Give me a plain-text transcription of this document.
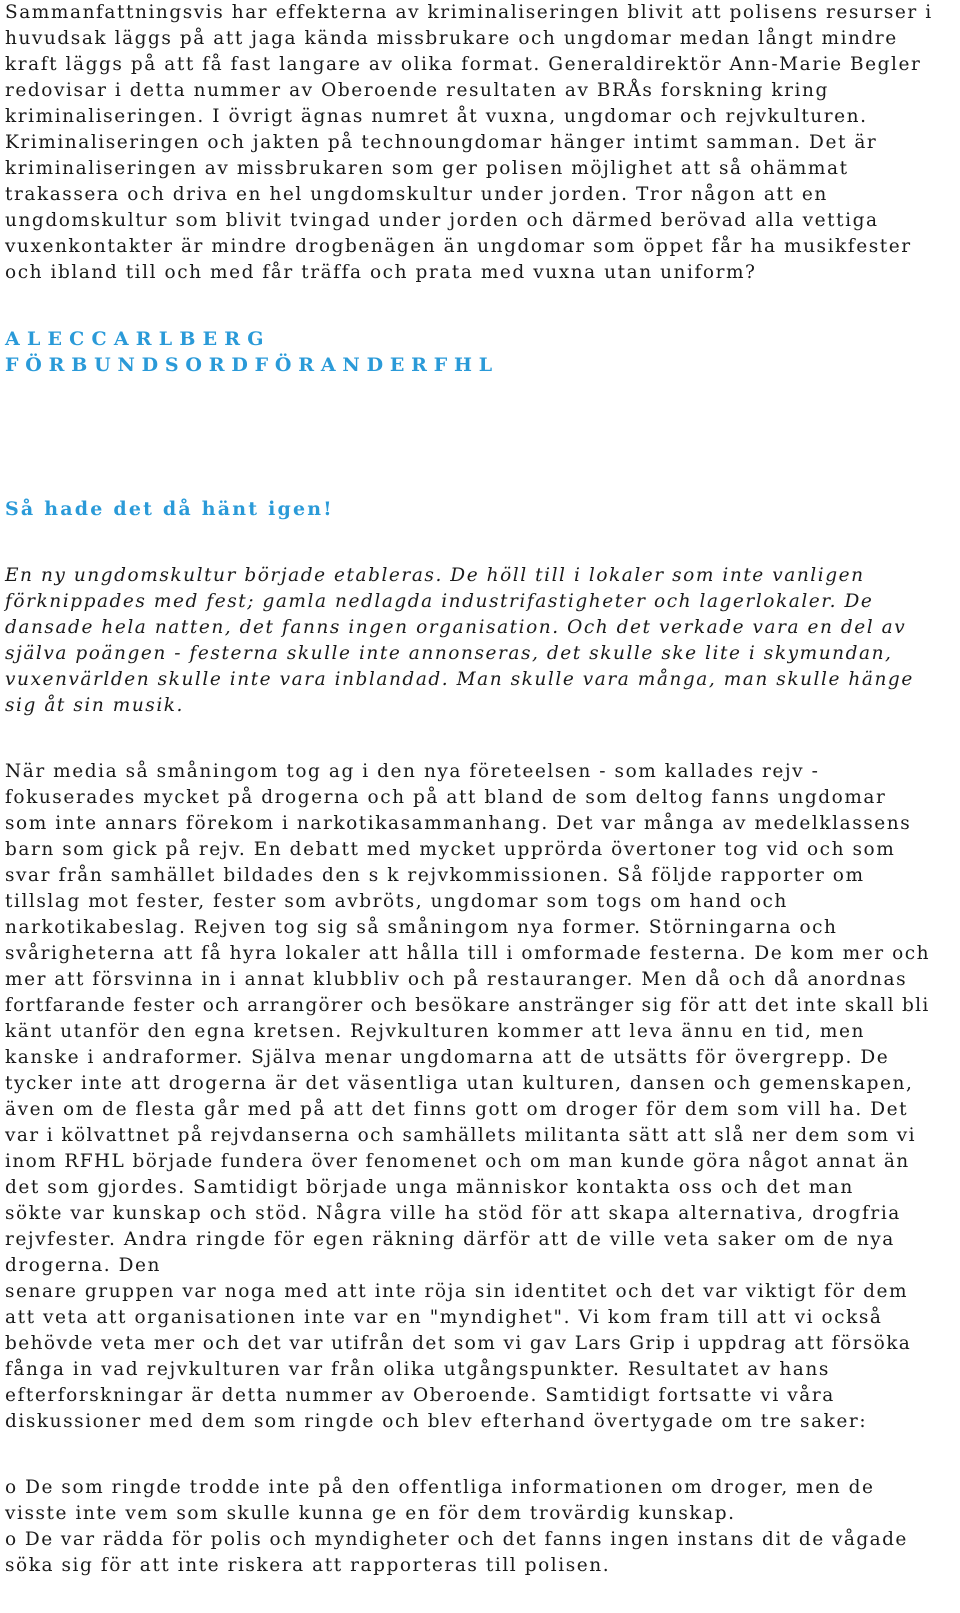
Sammanfattningsvis har effekterna av kriminaliseringen blivit att polisens resurser i
huvudsak läggs på att jaga kända missbrukare och ungdomar medan långt mindre
kraft läggs på att få fast langare av olika format. Generaldirektör Ann-Marie Begler
redovisar i detta nummer av Oberoende resultaten av BRÅs forskning kring
kriminaliseringen. I övrigt ägnas numret åt vuxna, ungdomar och rejvkulturen.
Kriminaliseringen och jakten på technoungdomar hänger intimt samman. Det är
kriminaliseringen av missbrukaren som ger polisen möjlighet att så ohämmat
trakassera och driva en hel ungdomskultur under jorden. Tror någon att en
ungdomskultur som blivit tvingad under jorden och därmed berövad alla vettiga
vuxenkontakter är mindre drogbenägen än ungdomar som öppet får ha musikfester
och ibland till och med får träffa och prata med vuxna utan uniform?
ALECCARLBERG
FÖRBUNDSORDFÖRANDERFHL
Så hade det då hänt igen!
En ny ungdomskultur började etableras. De höll till i lokaler som inte vanligen
förknippades med fest; gamla nedlagda industrifastigheter och lagerlokaler. De
dansade hela natten, det fanns ingen organisation. Och det verkade vara en del av
själva poängen - festerna skulle inte annonseras, det skulle ske lite i skymundan,
vuxenvärlden skulle inte vara inblandad. Man skulle vara många, man skulle hänge
sig åt sin musik.
När media så småningom tog ag i den nya företeelsen - som kallades rejv -
fokuserades mycket på drogerna och på att bland de som deltog fanns ungdomar
som inte annars förekom i narkotikasammanhang. Det var många av medelklassens
barn som gick på rejv. En debatt med mycket upprörda övertoner tog vid och som
svar från samhället bildades den s k rejvkommissionen. Så följde rapporter om
tillslag mot fester, fester som avbröts, ungdomar som togs om hand och
narkotikabeslag. Rejven tog sig så småningom nya former. Störningarna och
svårigheterna att få hyra lokaler att hålla till i omformade festerna. De kom mer och
mer att försvinna in i annat klubbliv och på restauranger. Men då och då anordnas
fortfarande fester och arrangörer och besökare anstränger sig för att det inte skall bli
känt utanför den egna kretsen. Rejvkulturen kommer att leva ännu en tid, men
kanske i andraformer. Själva menar ungdomarna att de utsätts för övergrepp. De
tycker inte att drogerna är det väsentliga utan kulturen, dansen och gemenskapen,
även om de flesta går med på att det finns gott om droger för dem som vill ha. Det
var i kölvattnet på rejvdanserna och samhällets militanta sätt att slå ner dem som vi
inom RFHL började fundera över fenomenet och om man kunde göra något annat än
det som gjordes. Samtidigt började unga människor kontakta oss och det man
sökte var kunskap och stöd. Några ville ha stöd för att skapa alternativa, drogfria
rejvfester. Andra ringde för egen räkning därför att de ville veta saker om de nya
drogerna. Den
senare gruppen var noga med att inte röja sin identitet och det var viktigt för dem
att veta att organisationen inte var en "myndighet". Vi kom fram till att vi också
behövde veta mer och det var utifrån det som vi gav Lars Grip i uppdrag att försöka
fånga in vad rejvkulturen var från olika utgångspunkter. Resultatet av hans
efterforskningar är detta nummer av Oberoende. Samtidigt fortsatte vi våra
diskussioner med dem som ringde och blev efterhand övertygade om tre saker:
o De som ringde trodde inte på den offentliga informationen om droger, men de
visste inte vem som skulle kunna ge en för dem trovärdig kunskap.
o De var rädda för polis och myndigheter och det fanns ingen instans dit de vågade
söka sig för att inte riskera att rapporteras till polisen.
